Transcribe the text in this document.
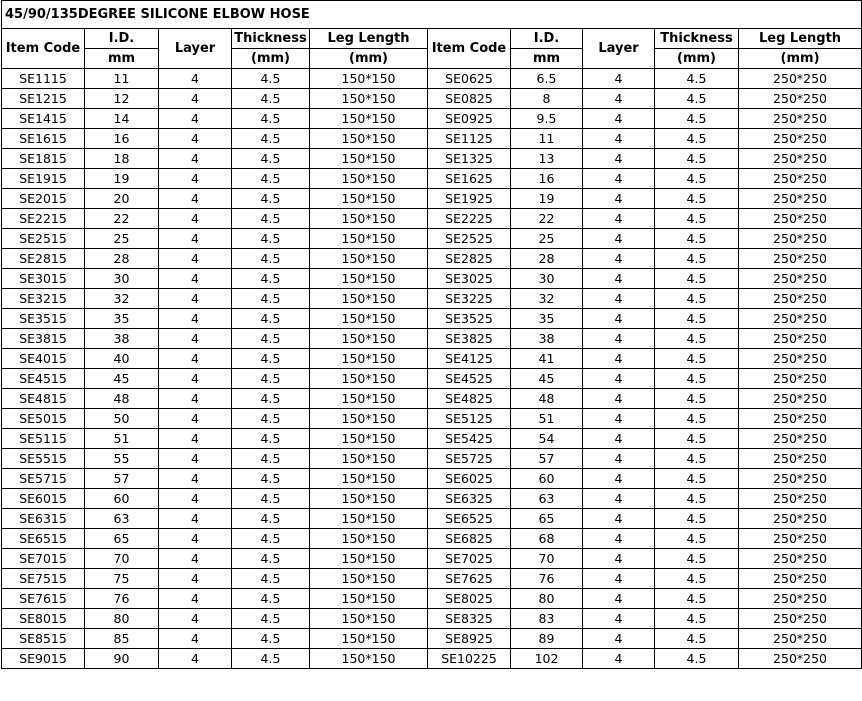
45/90/135DEGREE SILICONE ELBOW HOSE									
Item Code	I.D.	Layer	Thickness	Leg Length	Item Code	I.D.	Layer	Thickness	Leg Length
	mm		(mm)	(mm)		mm		(mm)	(mm)
SE1115	11	4	4.5	150*150	SE0625	6.5	4	4.5	250*250
SE1215	12	4	4.5	150*150	SE0825	8	4	4.5	250*250
SE1415	14	4	4.5	150*150	SE0925	9.5	4	4.5	250*250
SE1615	16	4	4.5	150*150	SE1125	11	4	4.5	250*250
SE1815	18	4	4.5	150*150	SE1325	13	4	4.5	250*250
SE1915	19	4	4.5	150*150	SE1625	16	4	4.5	250*250
SE2015	20	4	4.5	150*150	SE1925	19	4	4.5	250*250
SE2215	22	4	4.5	150*150	SE2225	22	4	4.5	250*250
SE2515	25	4	4.5	150*150	SE2525	25	4	4.5	250*250
SE2815	28	4	4.5	150*150	SE2825	28	4	4.5	250*250
SE3015	30	4	4.5	150*150	SE3025	30	4	4.5	250*250
SE3215	32	4	4.5	150*150	SE3225	32	4	4.5	250*250
SE3515	35	4	4.5	150*150	SE3525	35	4	4.5	250*250
SE3815	38	4	4.5	150*150	SE3825	38	4	4.5	250*250
SE4015	40	4	4.5	150*150	SE4125	41	4	4.5	250*250
SE4515	45	4	4.5	150*150	SE4525	45	4	4.5	250*250
SE4815	48	4	4.5	150*150	SE4825	48	4	4.5	250*250
SE5015	50	4	4.5	150*150	SE5125	51	4	4.5	250*250
SE5115	51	4	4.5	150*150	SE5425	54	4	4.5	250*250
SE5515	55	4	4.5	150*150	SE5725	57	4	4.5	250*250
SE5715	57	4	4.5	150*150	SE6025	60	4	4.5	250*250
SE6015	60	4	4.5	150*150	SE6325	63	4	4.5	250*250
SE6315	63	4	4.5	150*150	SE6525	65	4	4.5	250*250
SE6515	65	4	4.5	150*150	SE6825	68	4	4.5	250*250
SE7015	70	4	4.5	150*150	SE7025	70	4	4.5	250*250
SE7515	75	4	4.5	150*150	SE7625	76	4	4.5	250*250
SE7615	76	4	4.5	150*150	SE8025	80	4	4.5	250*250
SE8015	80	4	4.5	150*150	SE8325	83	4	4.5	250*250
SE8515	85	4	4.5	150*150	SE8925	89	4	4.5	250*250
SE9015	90	4	4.5	150*150	SE10225	102	4	4.5	250*250
